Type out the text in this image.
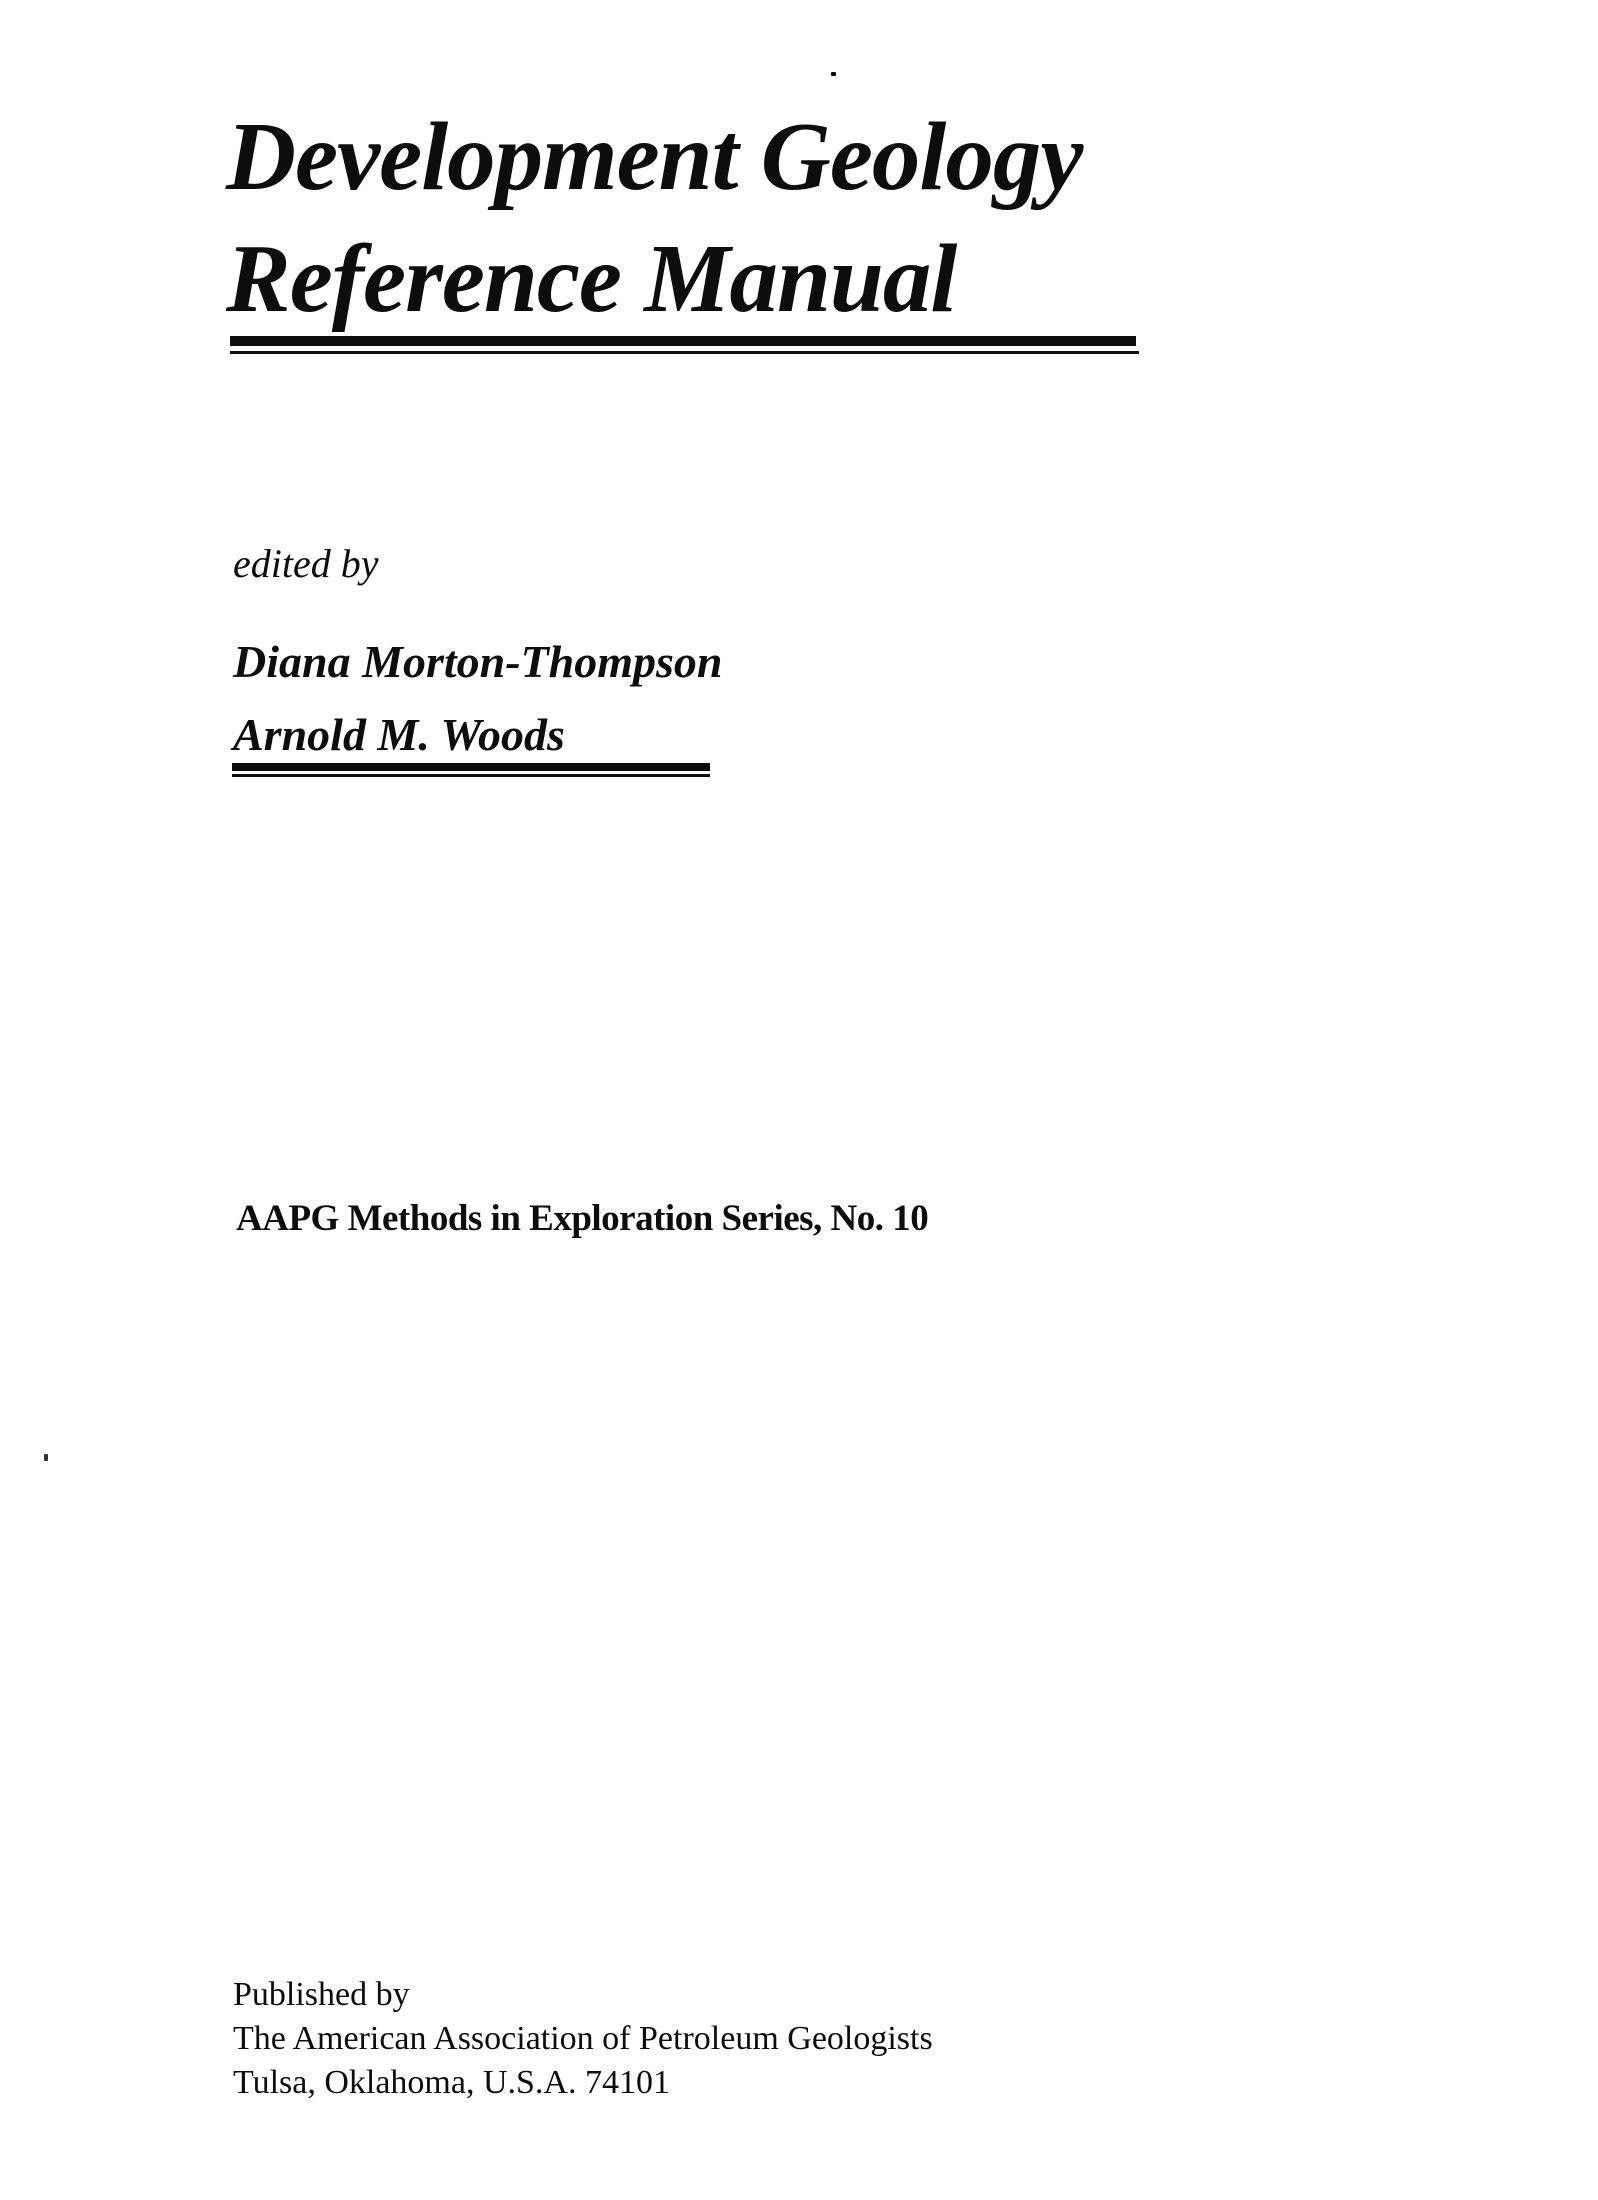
Development Geology
Reference Manual
edited by
Diana Morton-Thompson
Arnold M. Woods
AAPG Methods in Exploration Series, No. 10
Published by
The American Association of Petroleum Geologists
Tulsa, Oklahoma, U.S.A. 74101
